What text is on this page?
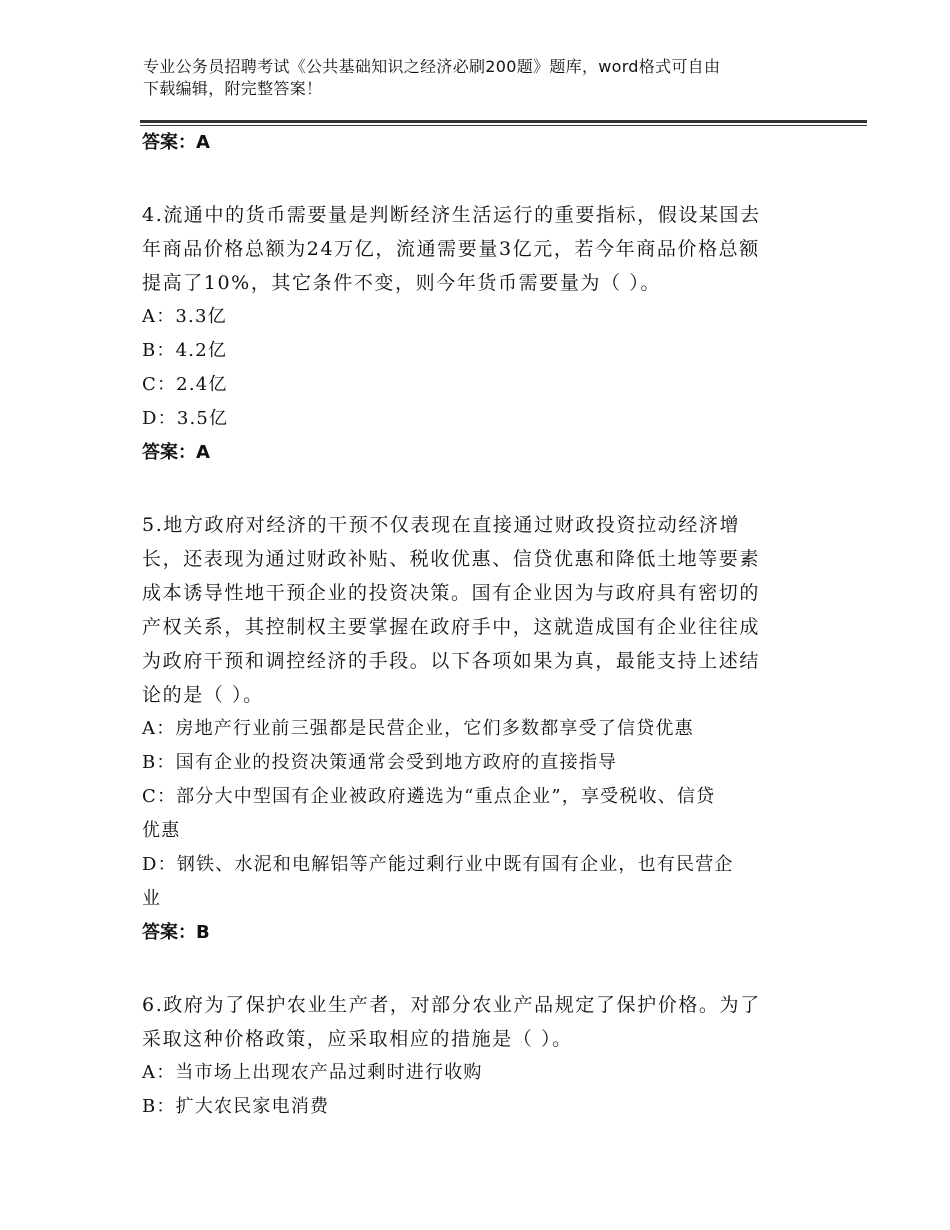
专业公务员招聘考试《公共基础知识之经济必刷200题》题库，word格式可自由
下载编辑，附完整答案！
答案：A
4.流通中的货币需要量是判断经济生活运行的重要指标，假设某国去
年商品价格总额为24万亿，流通需要量3亿元，若今年商品价格总额
提高了10%，其它条件不变，则今年货币需要量为（ ）。
A：3.3亿
B：4.2亿
C：2.4亿
D：3.5亿
答案：A
5.地方政府对经济的干预不仅表现在直接通过财政投资拉动经济增
长，还表现为通过财政补贴、税收优惠、信贷优惠和降低土地等要素
成本诱导性地干预企业的投资决策。国有企业因为与政府具有密切的
产权关系，其控制权主要掌握在政府手中，这就造成国有企业往往成
为政府干预和调控经济的手段。以下各项如果为真，最能支持上述结
论的是（ ）。
A：房地产行业前三强都是民营企业，它们多数都享受了信贷优惠
B：国有企业的投资决策通常会受到地方政府的直接指导
C：部分大中型国有企业被政府遴选为“重点企业”，享受税收、信贷
优惠
D：钢铁、水泥和电解铝等产能过剩行业中既有国有企业，也有民营企
业
答案：B
6.政府为了保护农业生产者，对部分农业产品规定了保护价格。为了
采取这种价格政策，应采取相应的措施是（ ）。
A：当市场上出现农产品过剩时进行收购
B：扩大农民家电消费
